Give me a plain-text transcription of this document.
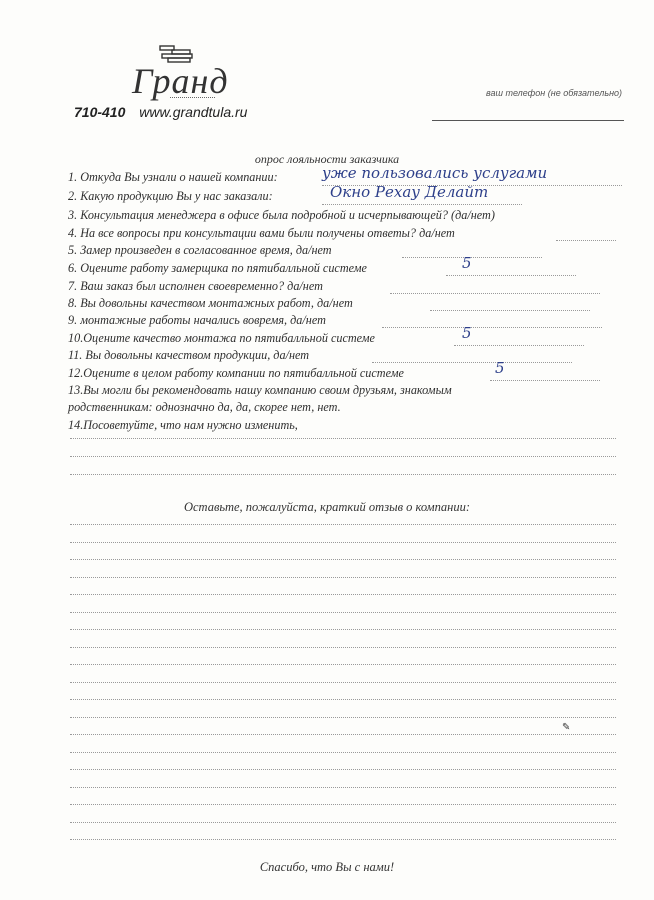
Гранд
710-410 www.grandtula.ru
ваш телефон (не обязательно)
опрос лояльности заказчика
1. Откуда Вы узнали о нашей компании:	уже пользовались услугами
2. Какую продукцию Вы у нас заказали:	Окно Рехау Делайт
3. Консультация менеджера в офисе была подробной и исчерпывающей? (да/нет)
4. На все вопросы при консультации вами были получены ответы? да/нет
5. Замер произведен в согласованное время, да/нет
6. Оцените работу замерщика по пятибалльной системе	5
7. Ваш заказ был исполнен своевременно? да/нет
8. Вы довольны качеством монтажных работ, да/нет
9. монтажные работы начались вовремя, да/нет
10.Оцените качество монтажа по пятибалльной системе	5
11. Вы довольны качеством продукции, да/нет
12.Оцените в целом работу компании по пятибалльной системе	5
13.Вы могли бы рекомендовать нашу компанию своим друзьям, знакомым
родственникам: однозначно да, да, скорее нет, нет.
14.Посоветуйте, что нам нужно изменить,
Оставьте, пожалуйста, краткий отзыв о компании:
✎
Спасибо, что Вы с нами!
